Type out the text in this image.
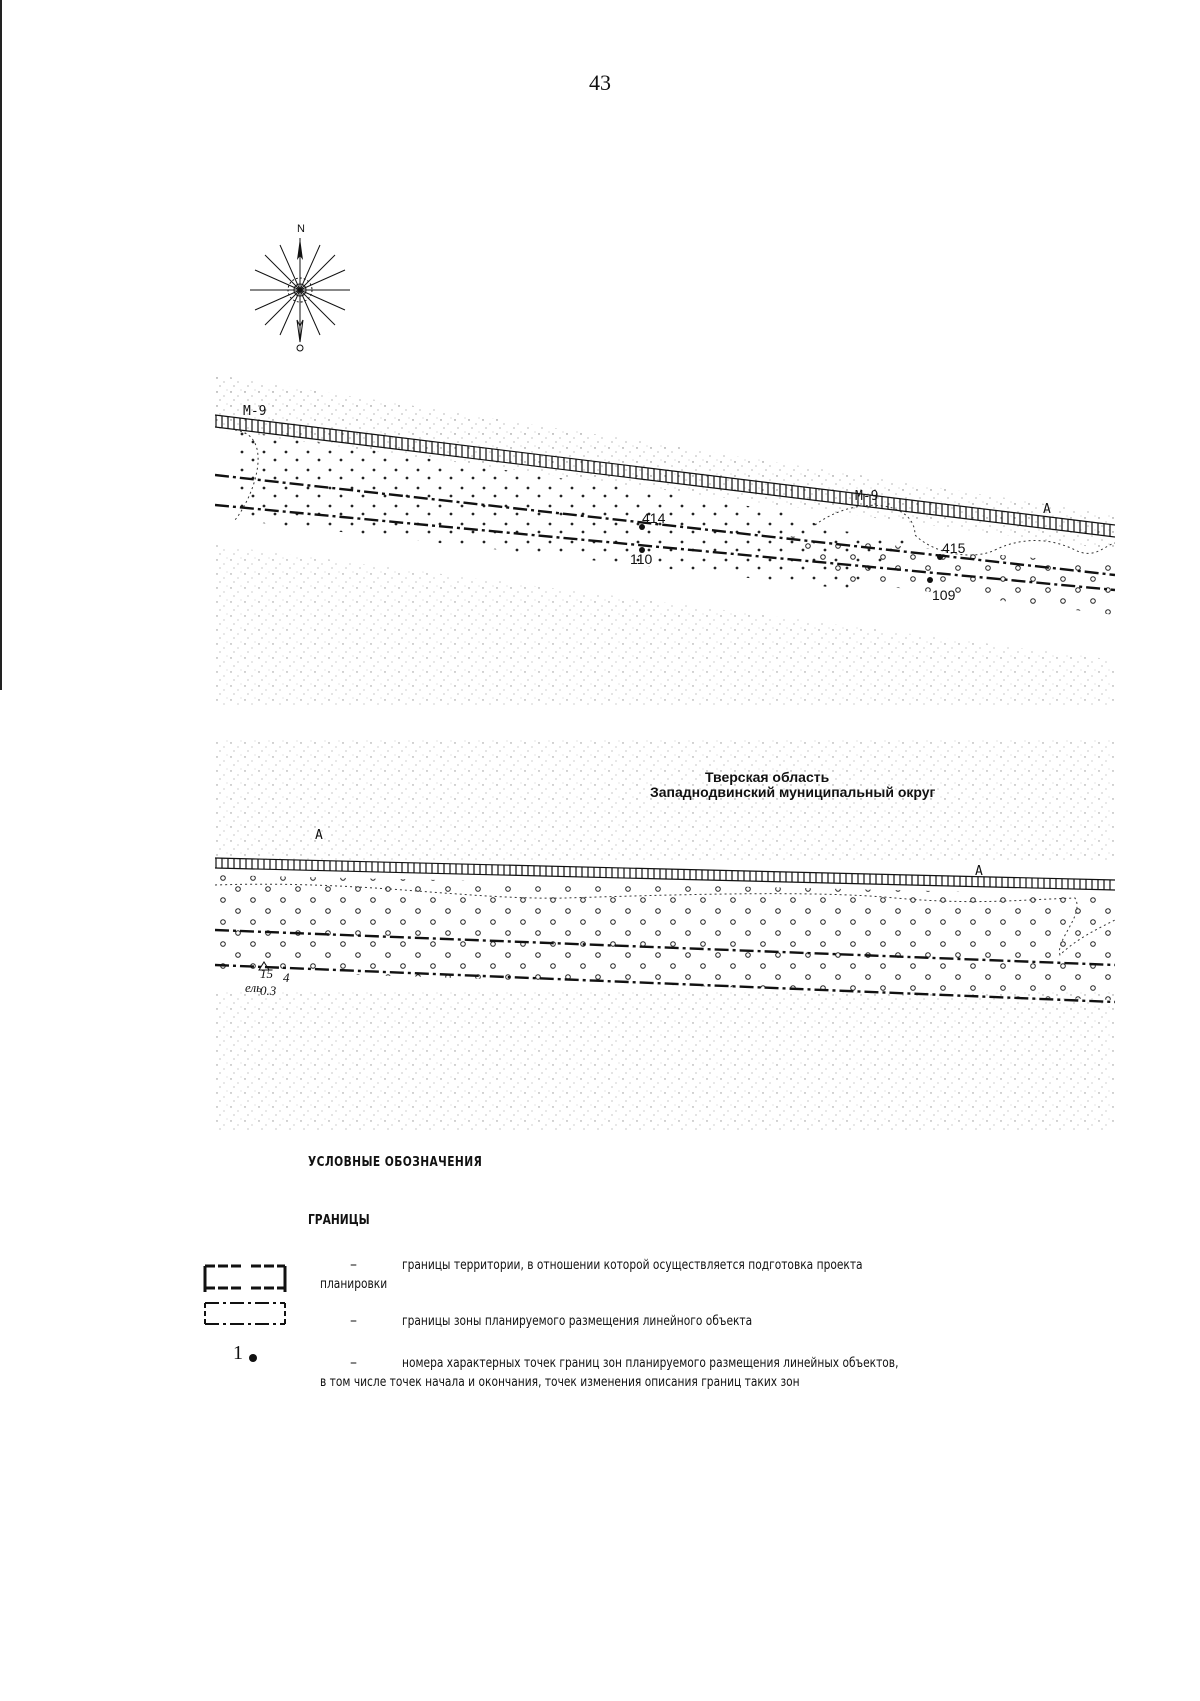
43
N
М-9
М-9
А
414
110
415
109
Тверская область
Западнодвинский муниципальный округ
А
А
ель
15
0.3
4
УСЛОВНЫЕ ОБОЗНАЧЕНИЯ
ГРАНИЦЫ
–	границы территории, в отношении которой осуществляется подготовка проекта
планировки
–	границы зоны планируемого размещения линейного объекта
1	–	номера характерных точек границ зон планируемого размещения линейных объектов,
в том числе точек начала и окончания, точек изменения описания границ таких зон
